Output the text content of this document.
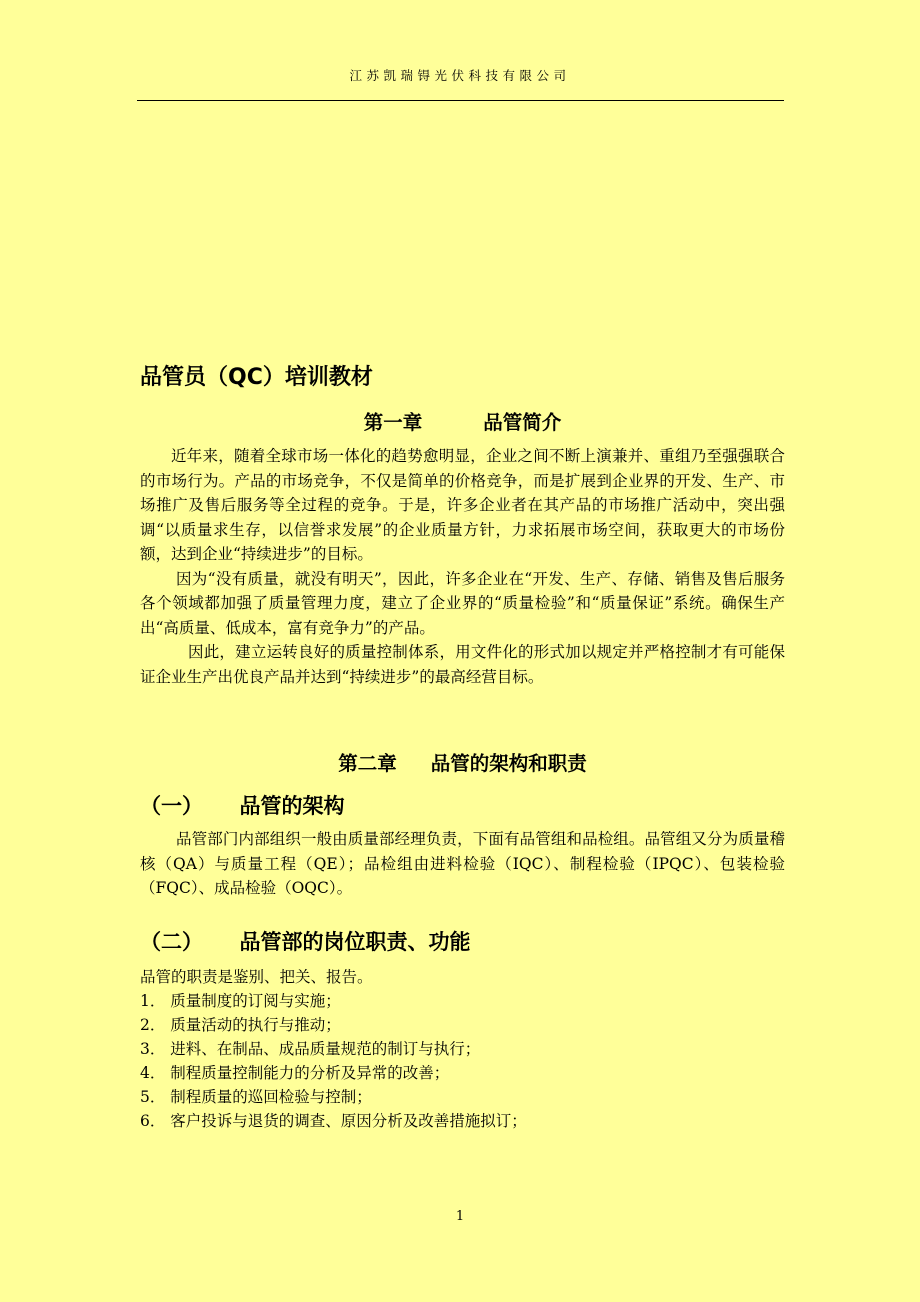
江苏凯瑞锝光伏科技有限公司
品管员（QC）培训教材
第一章         品管简介

近年来，随着全球市场一体化的趋势愈明显，企业之间不断上演兼并、重组乃至强强联合的市场行为。产品的市场竞争，不仅是简单的价格竞争，而是扩展到企业界的开发、生产、市场推广及售后服务等全过程的竞争。于是，许多企业者在其产品的市场推广活动中，突出强调“以质量求生存，以信誉求发展”的企业质量方针，力求拓展市场空间，获取更大的市场份额，达到企业“持续进步”的目标。

因为“没有质量，就没有明天”，因此，许多企业在“开发、生产、存储、销售及售后服务各个领域都加强了质量管理力度，建立了企业界的“质量检验”和“质量保证”系统。确保生产出“高质量、低成本，富有竞争力”的产品。

因此，建立运转良好的质量控制体系，用文件化的形式加以规定并严格控制才有可能保证企业生产出优良产品并达到“持续进步”的最高经营目标。

第二章     品管的架构和职责
（一）     品管的架构

品管部门内部组织一般由质量部经理负责，下面有品管组和品检组。品管组又分为质量稽核（QA）与质量工程（QE）；品检组由进料检验（IQC）、制程检验（IPQC）、包装检验（FQC）、成品检验（OQC）。

（二）     品管部的岗位职责、功能
品管的职责是鉴别、把关、报告。
1． 质量制度的订阅与实施；
2． 质量活动的执行与推动；
3． 进料、在制品、成品质量规范的制订与执行；
4． 制程质量控制能力的分析及异常的改善；
5． 制程质量的巡回检验与控制；
6． 客户投诉与退货的调查、原因分析及改善措施拟订；
1
